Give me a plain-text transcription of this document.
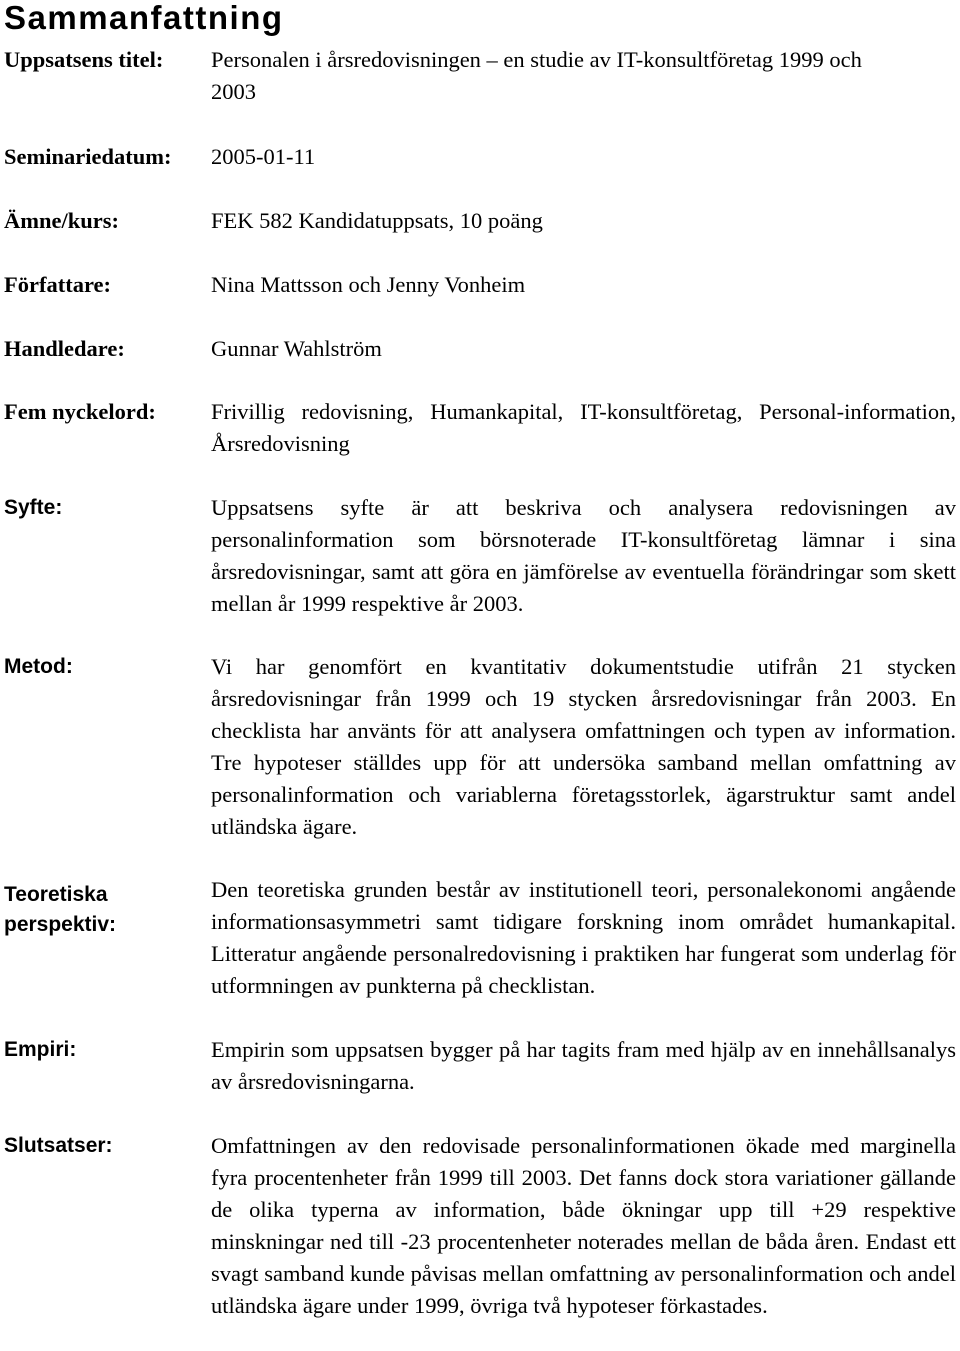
Sammanfattning
Uppsatsens titel:	Personalen i årsredovisningen – en studie av IT-konsultföretag 1999 och
2003
Seminariedatum:	2005-01-11
Ämne/kurs:	FEK 582 Kandidatuppsats, 10 poäng
Författare:	Nina Mattsson och Jenny Vonheim
Handledare:	Gunnar Wahlström
Fem nyckelord:	Frivillig redovisning, Humankapital, IT-konsultföretag, Personal-information, Årsredovisning

Syfte:	Uppsatsens syfte är att beskriva och analysera redovisningen av personalinformation som börsnoterade IT-konsultföretag lämnar i sina årsredovisningar, samt att göra en jämförelse av eventuella förändringar som skett mellan år 1999 respektive år 2003.

Metod:	Vi har genomfört en kvantitativ dokumentstudie utifrån 21 stycken årsredovisningar från 1999 och 19 stycken årsredovisningar från 2003. En checklista har använts för att analysera omfattningen och typen av information. Tre hypoteser ställdes upp för att undersöka samband mellan omfattning av personalinformation och variablerna företagsstorlek, ägarstruktur samt andel utländska ägare.

Teoretiska
perspektiv:

Den teoretiska grunden består av institutionell teori, personalekonomi angående informationsasymmetri samt tidigare forskning inom området humankapital. Litteratur angående personalredovisning i praktiken har fungerat som underlag för utformningen av punkterna på checklistan.

Empiri:	Empirin som uppsatsen bygger på har tagits fram med hjälp av en innehållsanalys av årsredovisningarna.

Slutsatser:	Omfattningen av den redovisade personalinformationen ökade med marginella fyra procentenheter från 1999 till 2003. Det fanns dock stora variationer gällande de olika typerna av information, både ökningar upp till +29 respektive minskningar ned till -23 procentenheter noterades mellan de båda åren. Endast ett svagt samband kunde påvisas mellan omfattning av personalinformation och andel utländska ägare under 1999, övriga två hypoteser förkastades.
